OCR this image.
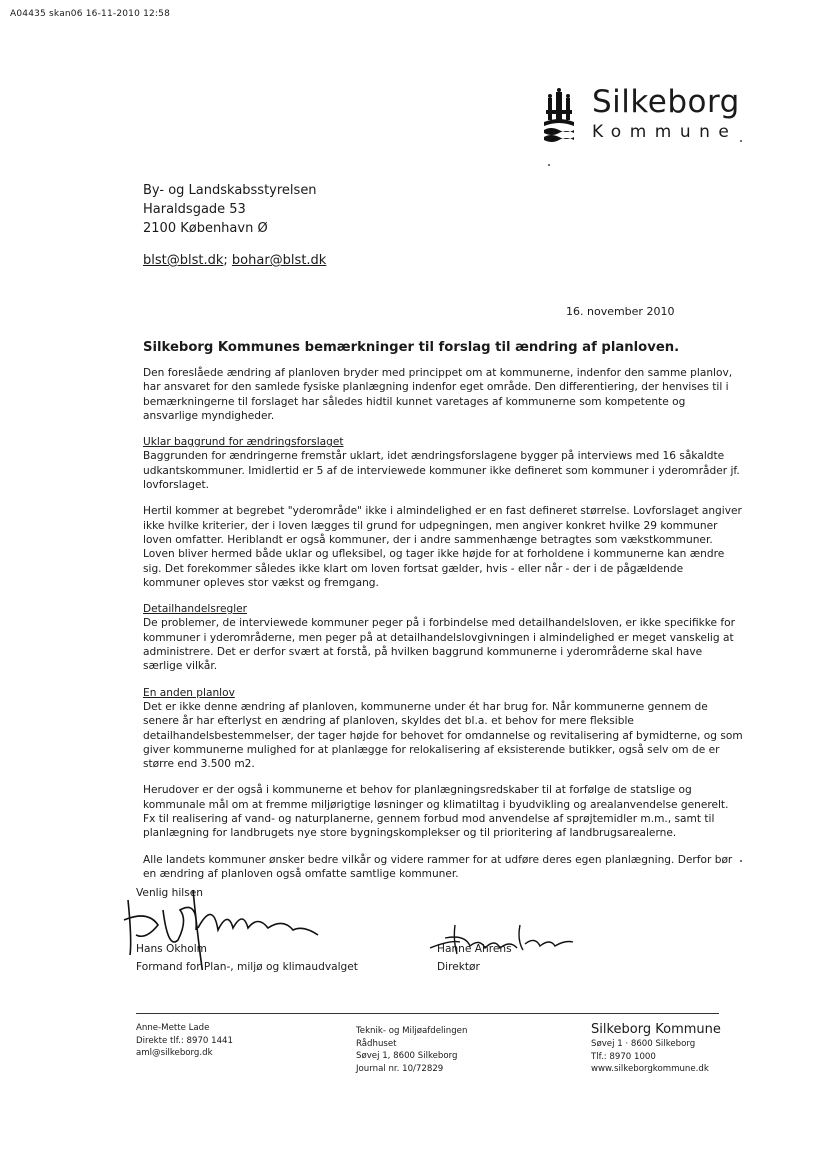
A04435 skan06 16-11-2010 12:58
Silkeborg
Kommune
By- og Landskabsstyrelsen
Haraldsgade 53
2100 København Ø
blst@blst.dk; bohar@blst.dk
16. november 2010
Silkeborg Kommunes bemærkninger til forslag til ændring af planloven.

Den foreslåede ændring af planloven bryder med princippet om at kommunerne, indenfor den samme planlov, har ansvaret for den samlede fysiske planlægning indenfor eget område. Den differentiering, der henvises til i bemærkningerne til forslaget har således hidtil kunnet varetages af kommunerne som kompetente og ansvarlige myndigheder.

Uklar baggrund for ændringsforslaget
Baggrunden for ændringerne fremstår uklart, idet ændringsforslagene bygger på interviews med 16 såkaldte udkantskommuner. Imidlertid er 5 af de interviewede kommuner ikke defineret som kommuner i yderområder jf. lovforslaget.

Hertil kommer at begrebet "yderområde" ikke i almindelighed er en fast defineret størrelse. Lovforslaget angiver ikke hvilke kriterier, der i loven lægges til grund for udpegningen, men angiver konkret hvilke 29 kommuner loven omfatter. Heriblandt er også kommuner, der i andre sammenhænge betragtes som vækstkommuner. Loven bliver hermed både uklar og ufleksibel, og tager ikke højde for at forholdene i kommunerne kan ændre sig. Det forekommer således ikke klart om loven fortsat gælder, hvis - eller når - der i de pågældende kommuner opleves stor vækst og fremgang.

Detailhandelsregler
De problemer, de interviewede kommuner peger på i forbindelse med detailhandelsloven, er ikke specifikke for kommuner i yderområderne, men peger på at detailhandelslovgivningen i almindelighed er meget vanskelig at administrere. Det er derfor svært at forstå, på hvilken baggrund kommunerne i yderområderne skal have særlige vilkår.

En anden planlov
Det er ikke denne ændring af planloven, kommunerne under ét har brug for. Når kommunerne gennem de senere år har efterlyst en ændring af planloven, skyldes det bl.a. et behov for mere fleksible detailhandelsbestemmelser, der tager højde for behovet for omdannelse og revitalisering af bymidterne, og som giver kommunerne mulighed for at planlægge for relokalisering af eksisterende butikker, også selv om de er større end 3.500 m2.

Herudover er der også i kommunerne et behov for planlægningsredskaber til at forfølge de statslige og kommunale mål om at fremme miljørigtige løsninger og klimatiltag i byudvikling og arealanvendelse generelt. Fx til realisering af vand- og naturplanerne, gennem forbud mod anvendelse af sprøjtemidler m.m., samt til planlægning for landbrugets nye store bygningskomplekser og til prioritering af landbrugsarealerne.

Alle landets kommuner ønsker bedre vilkår og videre rammer for at udføre deres egen planlægning. Derfor bør en ændring af planloven også omfatte samtlige kommuner.

Venlig hilsen
Hans Okholm
Formand for Plan-, miljø og klimaudvalget
Hanne Ahrens
Direktør
Anne-Mette Lade
Direkte tlf.: 8970 1441
aml@silkeborg.dk
Teknik- og Miljøafdelingen
Rådhuset
Søvej 1, 8600 Silkeborg
Journal nr. 10/72829
Silkeborg Kommune
Søvej 1 · 8600 Silkeborg
Tlf.: 8970 1000
www.silkeborgkommune.dk
